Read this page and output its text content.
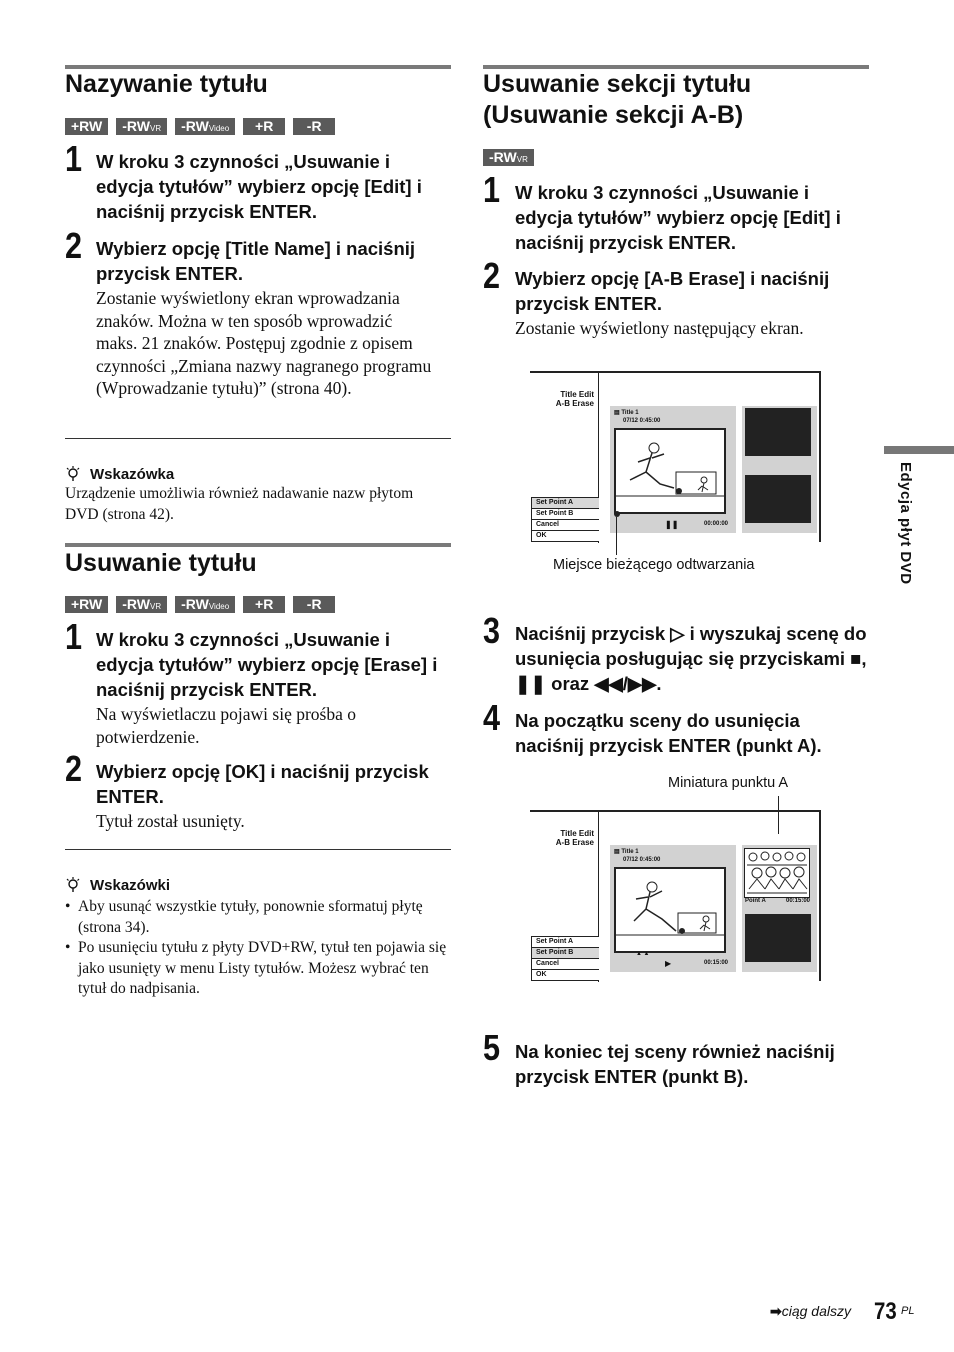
Nazywanie tytułu
+RW	-RWVR	-RWVideo	+R	-R
1 W kroku 3 czynności „Usuwanie i edycja tytułów” wybierz opcję [Edit] i naciśnij przycisk ENTER.
2 Wybierz opcję [Title Name] i naciśnij przycisk ENTER.
Zostanie wyświetlony ekran wprowadzania znaków. Można w ten sposób wprowadzić maks. 21 znaków. Postępuj zgodnie z opisem czynności „Zmiana nazwy nagranego programu (Wprowadzanie tytułu)” (strona 40).
Wskazówka
Urządzenie umożliwia również nadawanie nazw płytom DVD (strona 42).
Usuwanie tytułu
+RW	-RWVR	-RWVideo	+R	-R
1 W kroku 3 czynności „Usuwanie i edycja tytułów” wybierz opcję [Erase] i naciśnij przycisk ENTER.
Na wyświetlaczu pojawi się prośba o potwierdzenie.
2 Wybierz opcję [OK] i naciśnij przycisk ENTER.
Tytuł został usunięty.
Wskazówki
• Aby usunąć wszystkie tytuły, ponownie sformatuj płytę (strona 34).
• Po usunięciu tytułu z płyty DVD+RW, tytuł ten pojawia się jako usunięty w menu Listy tytułów. Możesz wybrać ten tytuł do nadpisania.
Usuwanie sekcji tytułu
(Usuwanie sekcji A-B)
-RWVR
1 W kroku 3 czynności „Usuwanie i edycja tytułów” wybierz opcję [Edit] i naciśnij przycisk ENTER.
2 Wybierz opcję [A-B Erase] i naciśnij przycisk ENTER.
Zostanie wyświetlony następujący ekran.
Title Edit
A-B Erase
Set Point A
Set Point B
Cancel
OK
▤ Title 1
07/12 0:45:00
❚❚	00:00:00
Miejsce bieżącego odtwarzania
3 Naciśnij przycisk ▷ i wyszukaj scenę do usunięcia posługując się przyciskami ■, ❚❚ oraz ◀◀/▶▶.
4 Na początku sceny do usunięcia naciśnij przycisk ENTER (punkt A).
Miniatura punktu A
Title Edit
A-B Erase
Set Point A
Set Point B
Cancel
OK
▤ Title 1
07/12 0:45:00
▲ ▲
▶	00:15:00
Point A	00:15:00
5 Na koniec tej sceny również naciśnij przycisk ENTER (punkt B).
Edycja płyt DVD
➡ciąg dalszy 73 PL
